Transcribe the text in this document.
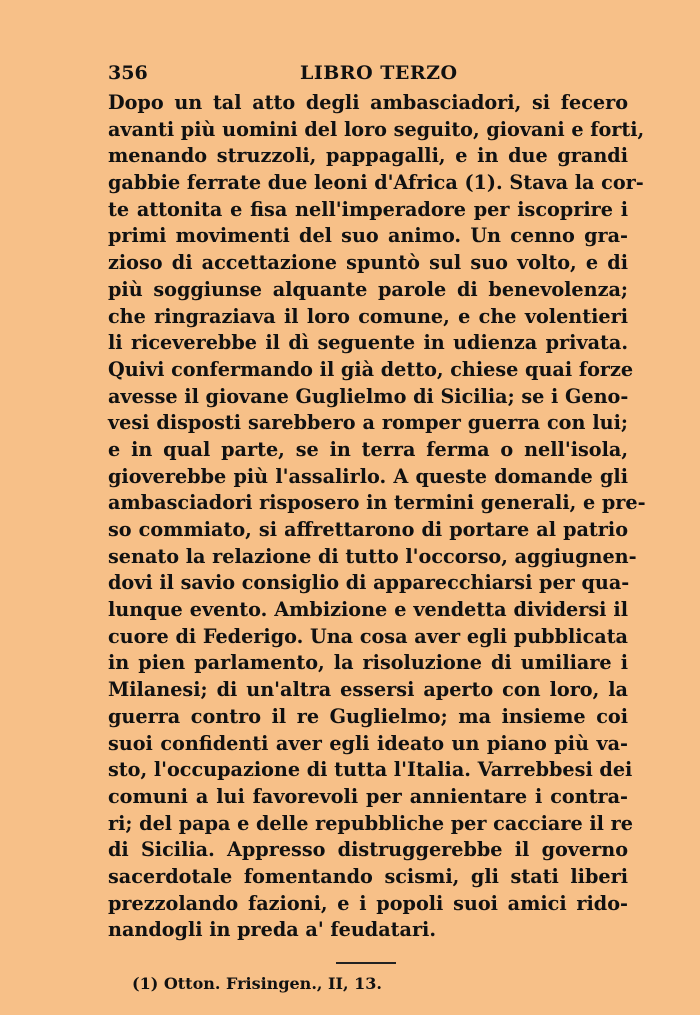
356	LIBRO TERZO
Dopo un tal atto degli ambasciadori, si fecero
avanti più uomini del loro seguito, giovani e forti,
menando struzzoli, pappagalli, e in due grandi
gabbie ferrate due leoni d'Africa (1). Stava la cor-
te attonita e fisa nell'imperadore per iscoprire i
primi movimenti del suo animo. Un cenno gra-
zioso di accettazione spuntò sul suo volto, e di
più soggiunse alquante parole di benevolenza;
che ringraziava il loro comune, e che volentieri
li riceverebbe il dì seguente in udienza privata.
Quivi confermando il già detto, chiese quai forze
avesse il giovane Guglielmo di Sicilia; se i Geno-
vesi disposti sarebbero a romper guerra con lui;
e in qual parte, se in terra ferma o nell'isola,
gioverebbe più l'assalirlo. A queste domande gli
ambasciadori risposero in termini generali, e pre-
so commiato, si affrettarono di portare al patrio
senato la relazione di tutto l'occorso, aggiugnen-
dovi il savio consiglio di apparecchiarsi per qua-
lunque evento. Ambizione e vendetta dividersi il
cuore di Federigo. Una cosa aver egli pubblicata
in pien parlamento, la risoluzione di umiliare i
Milanesi; di un'altra essersi aperto con loro, la
guerra contro il re Guglielmo; ma insieme coi
suoi confidenti aver egli ideato un piano più va-
sto, l'occupazione di tutta l'Italia. Varrebbesi dei
comuni a lui favorevoli per annientare i contra-
ri; del papa e delle repubbliche per cacciare il re
di Sicilia. Appresso distruggerebbe il governo
sacerdotale fomentando scismi, gli stati liberi
prezzolando fazioni, e i popoli suoi amici rido-
nandogli in preda a' feudatari.
(1) Otton. Frisingen., II, 13.
